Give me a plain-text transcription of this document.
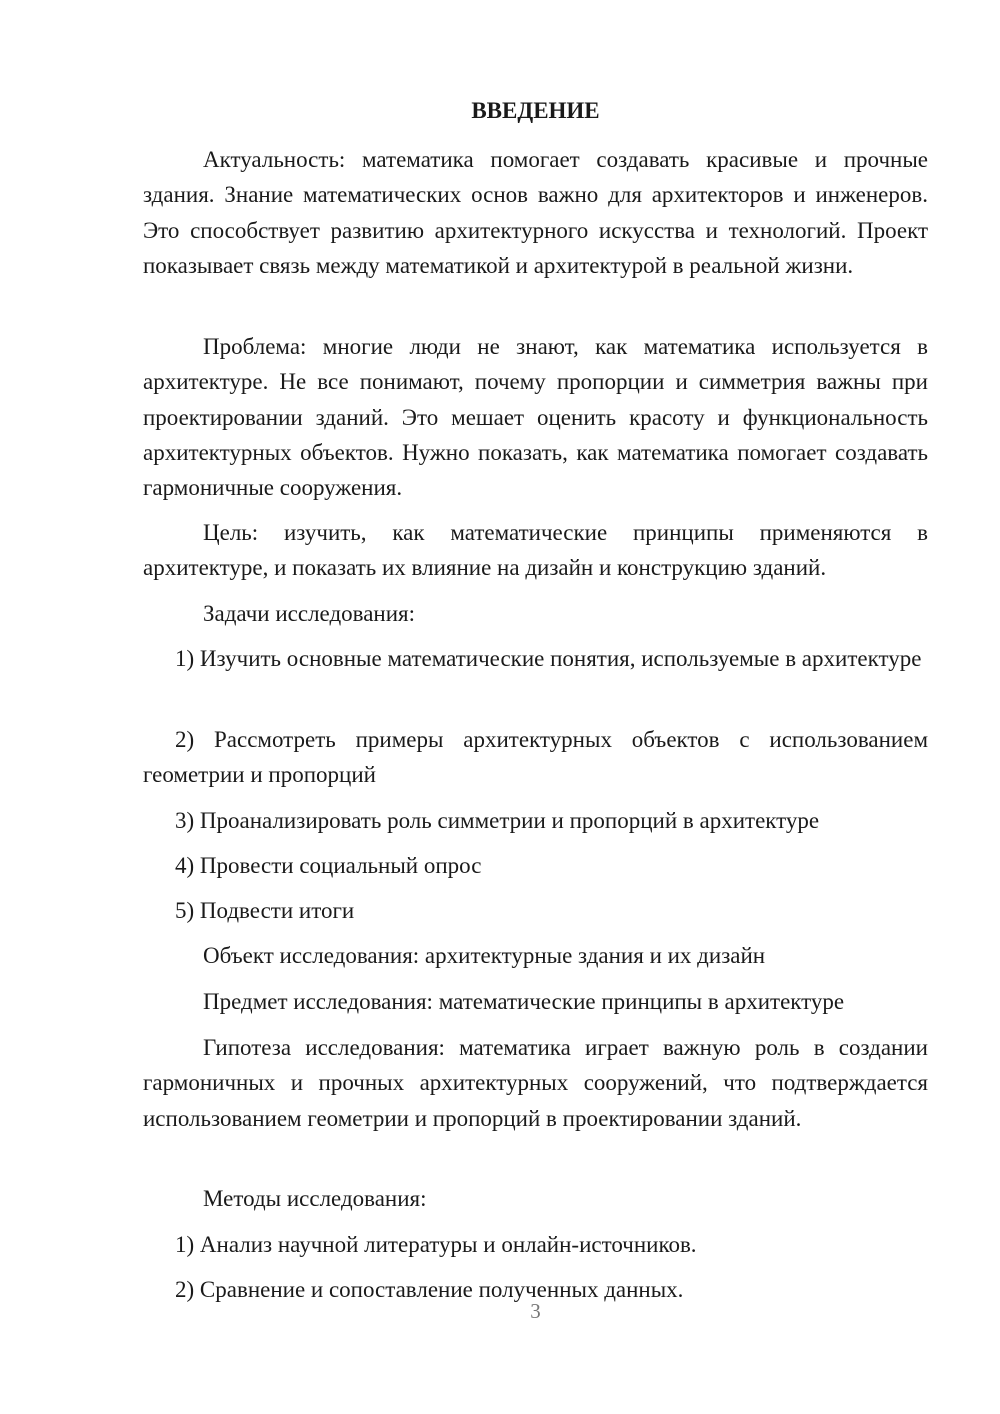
ВВЕДЕНИЕ

Актуальность: математика помогает создавать красивые и прочные здания. Знание математических основ важно для архитекторов и инженеров. Это способствует развитию архитектурного искусства и технологий. Проект показывает связь между математикой и архитектурой в реальной жизни.

Проблема: многие люди не знают, как математика используется в архитектуре. Не все понимают, почему пропорции и симметрия важны при проектировании зданий. Это мешает оценить красоту и функциональность архитектурных объектов. Нужно показать, как математика помогает создавать гармоничные сооружения.

Цель: изучить, как математические принципы применяются в архитектуре, и показать их влияние на дизайн и конструкцию зданий.

Задачи исследования:

1) Изучить основные математические понятия, используемые в архитектуре

2) Рассмотреть примеры архитектурных объектов с использованием геометрии и пропорций

3) Проанализировать роль симметрии и пропорций в архитектуре

4) Провести социальный опрос

5) Подвести итоги

Объект исследования: архитектурные здания и их дизайн

Предмет исследования: математические принципы в архитектуре

Гипотеза исследования: математика играет важную роль в создании гармоничных и прочных архитектурных сооружений, что подтверждается использованием геометрии и пропорций в проектировании зданий.

Методы исследования:

1) Анализ научной литературы и онлайн-источников.

2) Сравнение и сопоставление полученных данных.

3
